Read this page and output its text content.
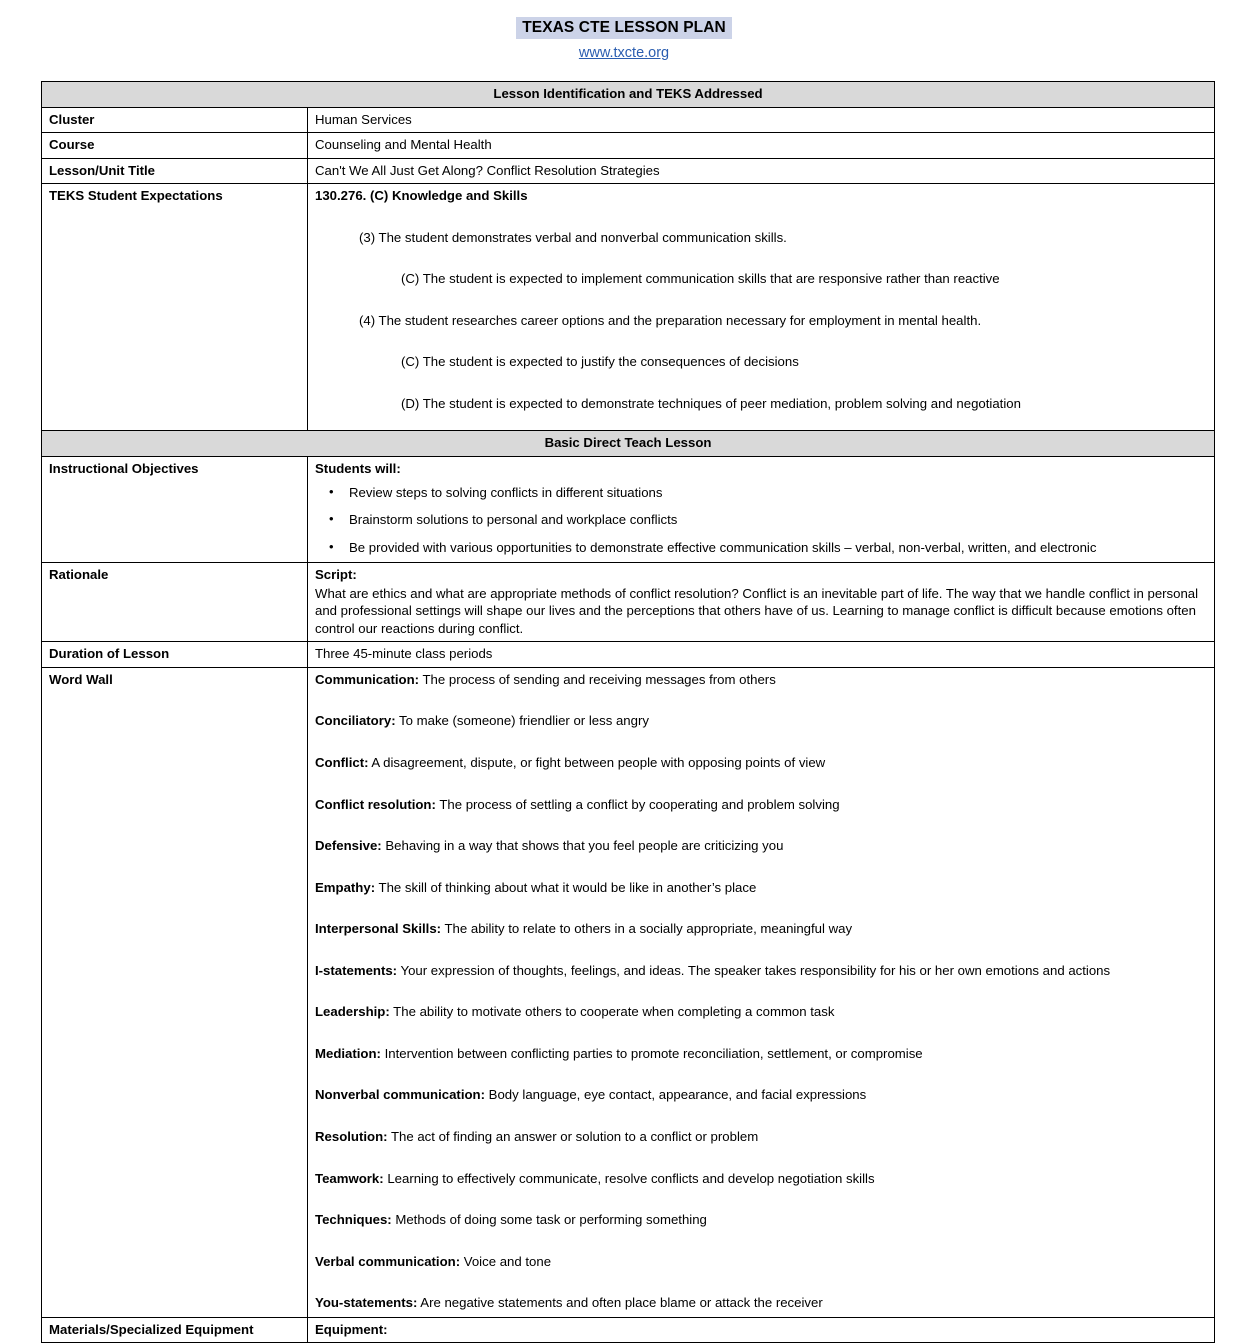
TEXAS CTE LESSON PLAN
www.txcte.org
Lesson Identification and TEKS Addressed	
Cluster	Human Services
Course	Counseling and Mental Health
Lesson/Unit Title	Can't We All Just Get Along? Conflict Resolution Strategies
TEKS Student Expectations	130.276. (C) Knowledge and Skills
(3) The student demonstrates verbal and nonverbal communication skills.
(C) The student is expected to implement communication skills that are responsive rather than reactive
(4) The student researches career options and the preparation necessary for employment in mental health.
(C) The student is expected to justify the consequences of decisions
(D) The student is expected to demonstrate techniques of peer mediation, problem solving and negotiation

Basic Direct Teach Lesson	
Instructional Objectives	Students will:
• Review steps to solving conflicts in different situations
• Brainstorm solutions to personal and workplace conflicts
• Be provided with various opportunities to demonstrate effective communication skills – verbal, non-verbal, written, and electronic

Rationale	Script:
What are ethics and what are appropriate methods of conflict resolution? Conflict is an inevitable part of life. The way that we handle conflict in personal and professional settings will shape our lives and the perceptions that others have of us. Learning to manage conflict is difficult because emotions often control our reactions during conflict.

Duration of Lesson	Three 45-minute class periods
Word Wall	Communication: The process of sending and receiving messages from others
Conciliatory: To make (someone) friendlier or less angry
Conflict: A disagreement, dispute, or fight between people with opposing points of view
Conflict resolution: The process of settling a conflict by cooperating and problem solving
Defensive: Behaving in a way that shows that you feel people are criticizing you
Empathy: The skill of thinking about what it would be like in another’s place
Interpersonal Skills: The ability to relate to others in a socially appropriate, meaningful way
I-statements: Your expression of thoughts, feelings, and ideas. The speaker takes responsibility for his or her own emotions and actions
Leadership: The ability to motivate others to cooperate when completing a common task
Mediation: Intervention between conflicting parties to promote reconciliation, settlement, or compromise
Nonverbal communication: Body language, eye contact, appearance, and facial expressions
Resolution: The act of finding an answer or solution to a conflict or problem
Teamwork: Learning to effectively communicate, resolve conflicts and develop negotiation skills
Techniques: Methods of doing some task or performing something
Verbal communication: Voice and tone
You-statements: Are negative statements and often place blame or attack the receiver

Materials/Specialized Equipment	Equipment:
